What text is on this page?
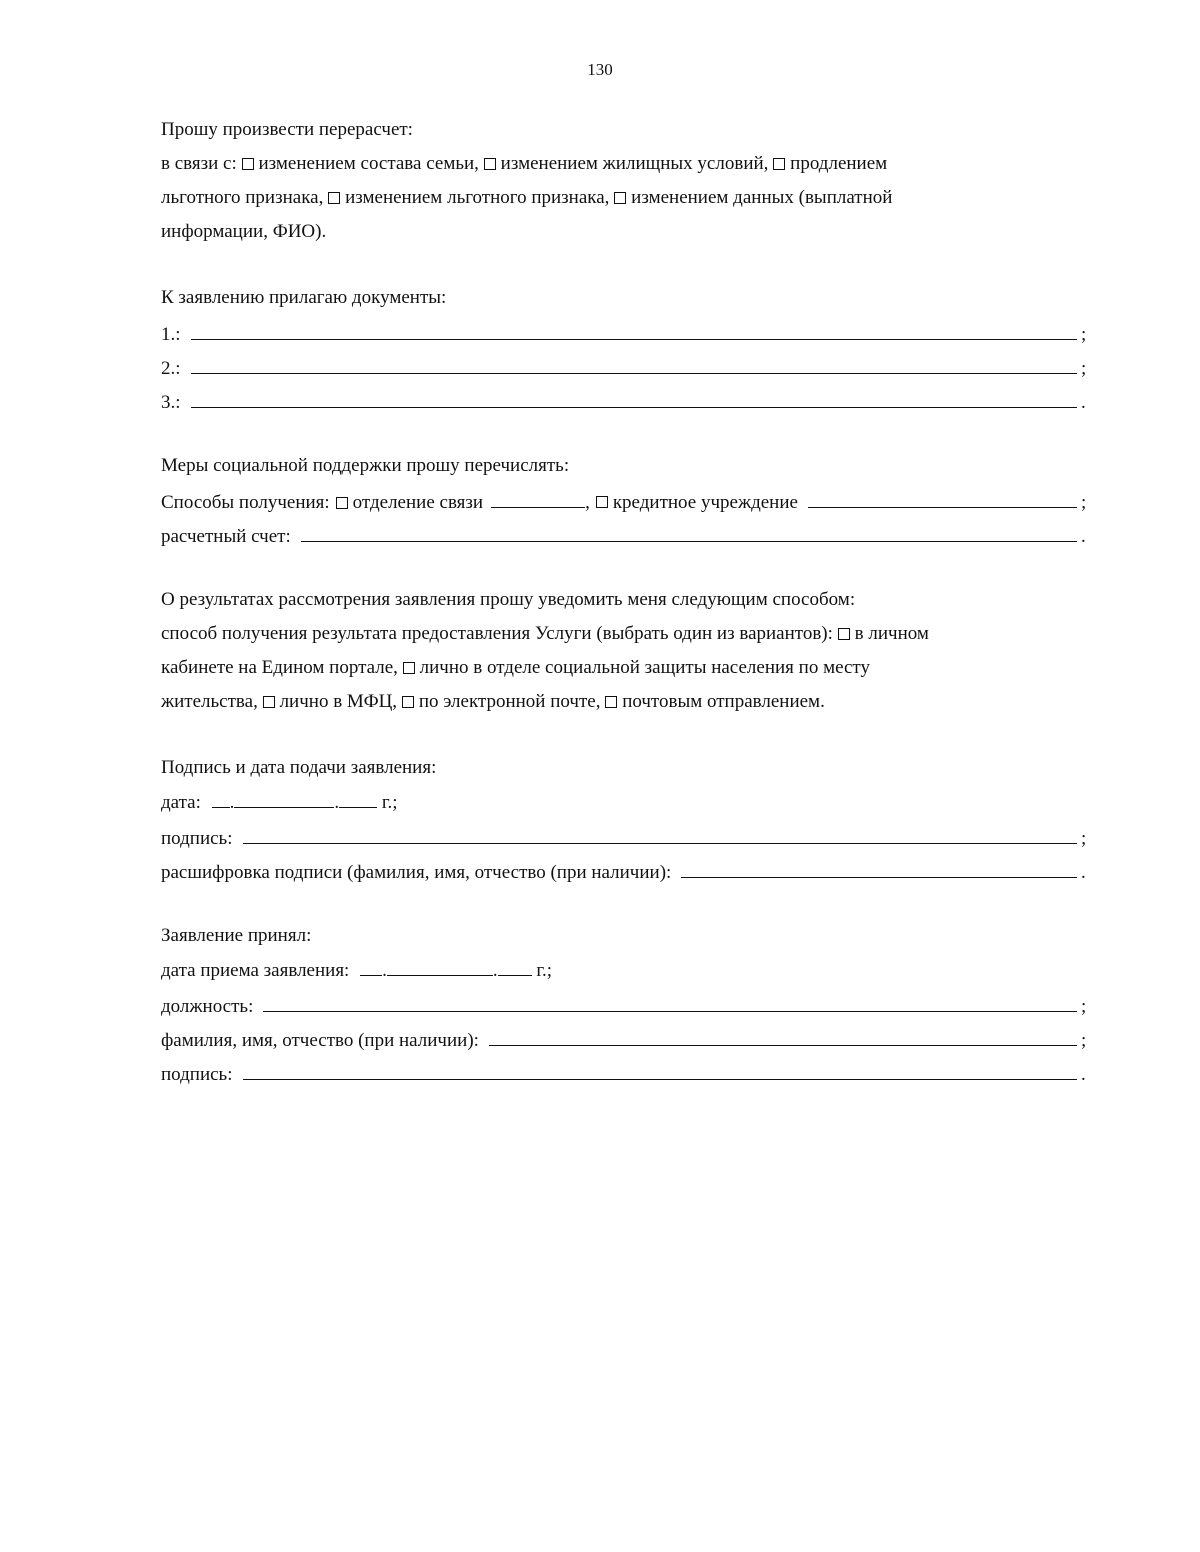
130
Прошу произвести перерасчет:
в связи с: изменением состава семьи, изменением жилищных условий, продлением
льготного признака, изменением льготного признака, изменением данных (выплатной
информации, ФИО).
К заявлению прилагаю документы:
1.:	;
2.:	;
3.:	.
Меры социальной поддержки прошу перечислять:
Способы получения: отделение связи	, кредитное учреждение	;
расчетный счет:	.
О результатах рассмотрения заявления прошу уведомить меня следующим способом:
способ получения результата предоставления Услуги (выбрать один из вариантов): в личном
кабинете на Едином портале, лично в отделе социальной защиты населения по месту
жительства, лично в МФЦ, по электронной почте, почтовым отправлением.
Подпись и дата подачи заявления:
дата: .	. г.;
подпись:	;
расшифровка подписи (фамилия, имя, отчество (при наличии):	.
Заявление принял:
дата приема заявления: .	. г.;
должность:	;
фамилия, имя, отчество (при наличии):	;
подпись:	.
